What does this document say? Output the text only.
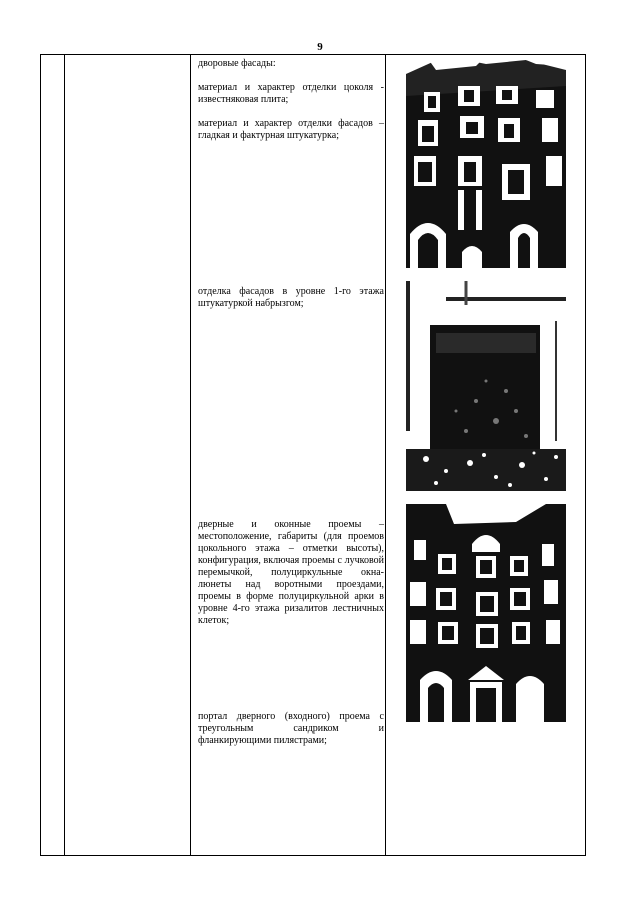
9

дворовые фасады:

материал и характер отделки цоколя - известняковая плита;

материал и характер отделки фасадов – гладкая и фактурная штукатурка;

отделка фасадов в уровне 1-го этажа штукатуркой набрызгом;
дверные и оконные проемы – местоположение, габариты (для проемов цокольного этажа – отметки высоты), конфигурация, включая проемы с лучковой перемычкой, полуциркульные окна-люнеты над воротными проездами, проемы в форме полуциркульной арки в уровне 4-го этажа ризалитов лестничных клеток;
портал дверного (входного) проема с треугольным сандриком и фланкирующими пилястрами;
